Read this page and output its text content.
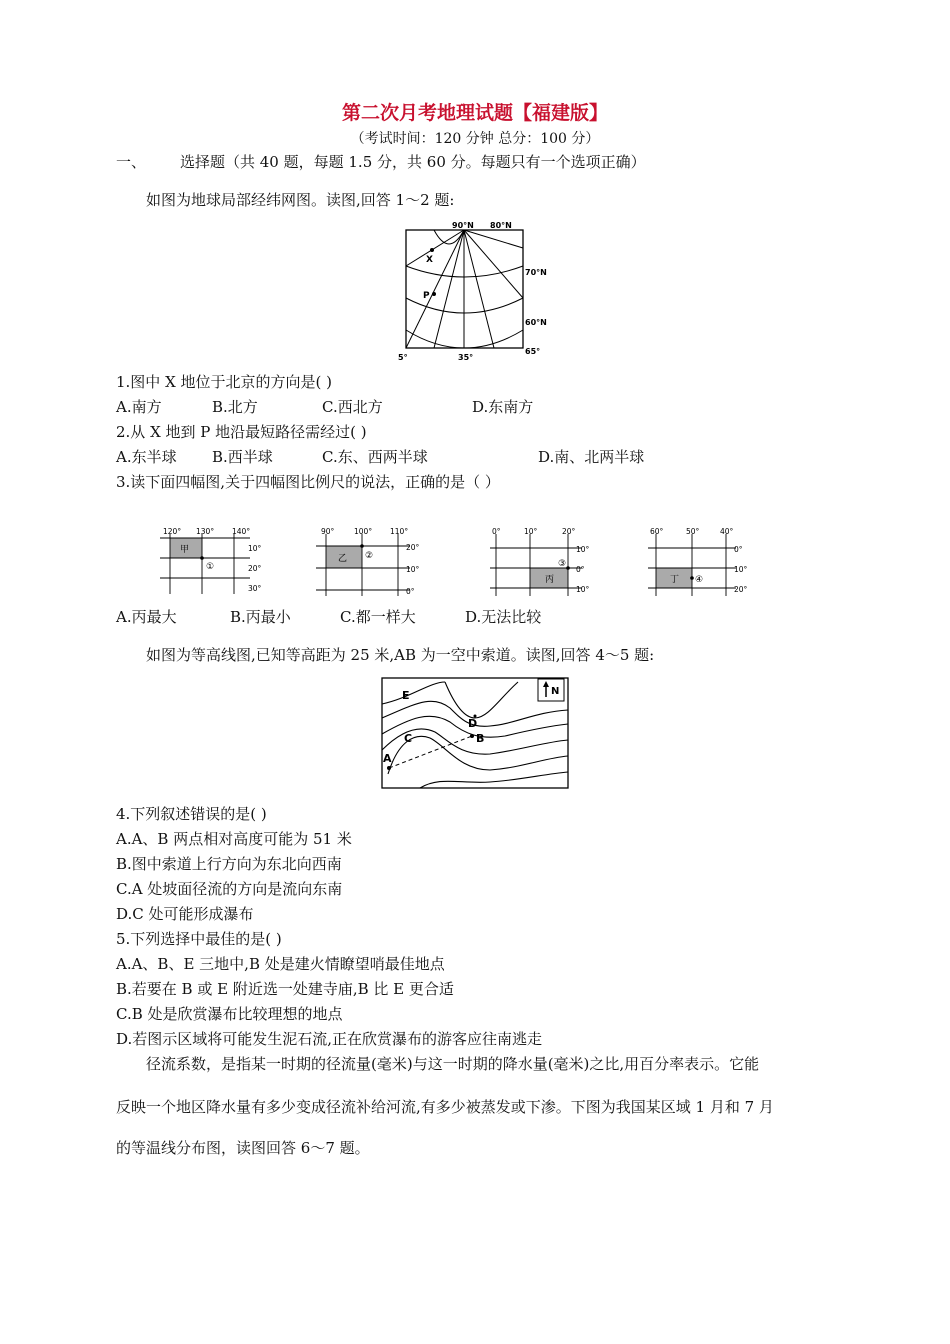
第二次月考地理试题【福建版】
（考试时间：120 分钟 总分：100 分）
一、 选择题（共 40 题，每题 1.5 分，共 60 分。每题只有一个选项正确）
如图为地球局部经纬网图。读图,回答 1～2 题:
90°N 80°N
70°N
60°N
65°
5°	35°
X
P
1.图中 X 地位于北京的方向是( )
A.南方	B.北方	C.西北方	D.东南方
2.从 X 地到 P 地沿最短路径需经过( )
A.东半球 B.西半球	C.东、西两半球	D.南、北两半球
3.读下面四幅图,关于四幅图比例尺的说法，正确的是（ ）
120° 130° 140°
10°
20°
30°
甲
①
90°	100° 110°
20°
10°
0°
乙 ②
0°	10°	20°
10°
0°
10°
丙
③
60°	50°	40°
0°
10°
20°
丁 ④
A.丙最大	B.丙最小	C.都一样大	D.无法比较
如图为等高线图,已知等高距为 25 米,AB 为一空中索道。读图,回答 4～5 题:
E
D
C	B
A
N
4.下列叙述错误的是( )
A.A、B 两点相对高度可能为 51 米
B.图中索道上行方向为东北向西南
C.A 处坡面径流的方向是流向东南
D.C 处可能形成瀑布
5.下列选择中最佳的是( )
A.A、B、E 三地中,B 处是建火情瞭望哨最佳地点
B.若要在 B 或 E 附近选一处建寺庙,B 比 E 更合适
C.B 处是欣赏瀑布比较理想的地点
D.若图示区域将可能发生泥石流,正在欣赏瀑布的游客应往南逃走
径流系数，是指某一时期的径流量(毫米)与这一时期的降水量(毫米)之比,用百分率表示。它能
反映一个地区降水量有多少变成径流补给河流,有多少被蒸发或下渗。下图为我国某区域 1 月和 7 月
的等温线分布图，读图回答 6～7 题。
